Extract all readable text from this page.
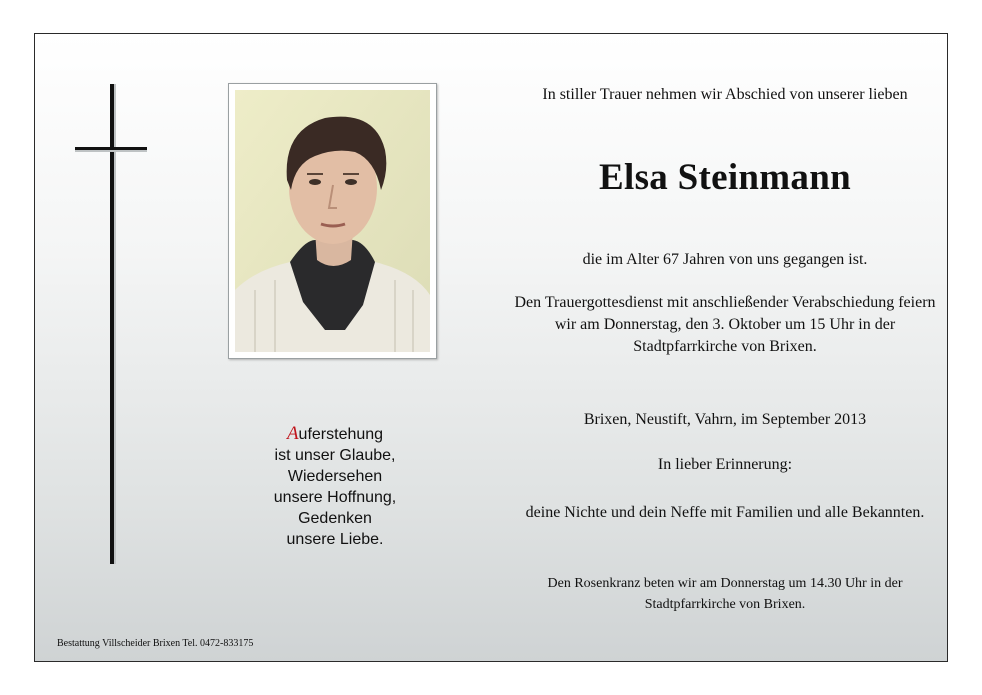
Auferstehung
ist unser Glaube,
Wiedersehen
unsere Hoffnung,
Gedenken
unsere Liebe.
In stiller Trauer nehmen wir Abschied von unserer lieben
Elsa Steinmann
die im Alter 67 Jahren von uns gegangen ist.
Den Trauergottesdienst mit anschließender Verabschiedung feiern wir am Donnerstag, den 3. Oktober um 15 Uhr in der Stadtpfarrkirche von Brixen.
Brixen, Neustift, Vahrn, im September 2013
In lieber Erinnerung:
deine Nichte und dein Neffe mit Familien und alle Bekannten.
Den Rosenkranz beten wir am Donnerstag um 14.30 Uhr in der Stadtpfarrkirche von Brixen.
Bestattung Villscheider Brixen Tel. 0472-833175
